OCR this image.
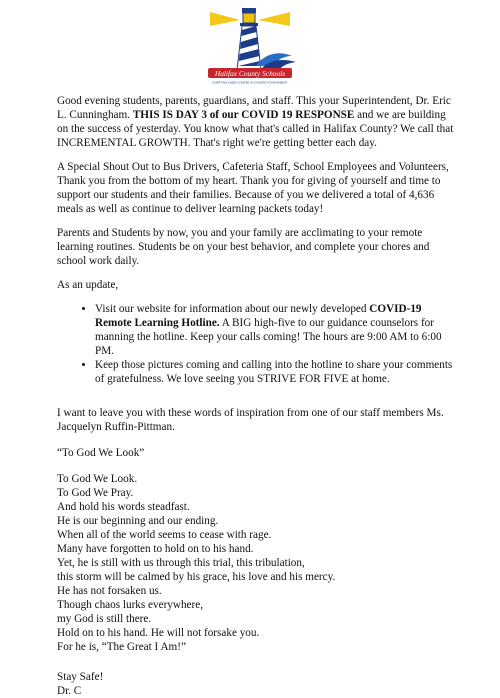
Halifax County Schools
CHARTING A NEW COURSE IN STUDENT ACHIEVEMENT

Good evening students, parents, guardians, and staff. This your Superintendent, Dr. Eric L. Cunningham. THIS IS DAY 3 of our COVID 19 RESPONSE and we are building on the success of yesterday. You know what that's called in Halifax County? We call that INCREMENTAL GROWTH. That's right we're getting better each day.

A Special Shout Out to Bus Drivers, Cafeteria Staff, School Employees and Volunteers, Thank you from the bottom of my heart. Thank you for giving of yourself and time to support our students and their families. Because of you we delivered a total of 4,636 meals as well as continue to deliver learning packets today!

Parents and Students by now, you and your family are acclimating to your remote learning routines. Students be on your best behavior, and complete your chores and school work daily.

As an update,

• Visit our website for information about our newly developed COVID-19 Remote Learning Hotline. A BIG high-five to our guidance counselors for manning the hotline. Keep your calls coming! The hours are 9:00 AM to 6:00 PM.
• Keep those pictures coming and calling into the hotline to share your comments of gratefulness. We love seeing you STRIVE FOR FIVE at home.

I want to leave you with these words of inspiration from one of our staff members Ms. Jacquelyn Ruffin-Pittman.

“To God We Look”

To God We Look.
To God We Pray.
And hold his words steadfast.
He is our beginning and our ending.
When all of the world seems to cease with rage.
Many have forgotten to hold on to his hand.
Yet, he is still with us through this trial, this tribulation,
this storm will be calmed by his grace, his love and his mercy.
He has not forsaken us.
Though chaos lurks everywhere,
my God is still there.
Hold on to his hand. He will not forsake you.
For he is, “The Great I Am!”
Stay Safe!
Dr. C
